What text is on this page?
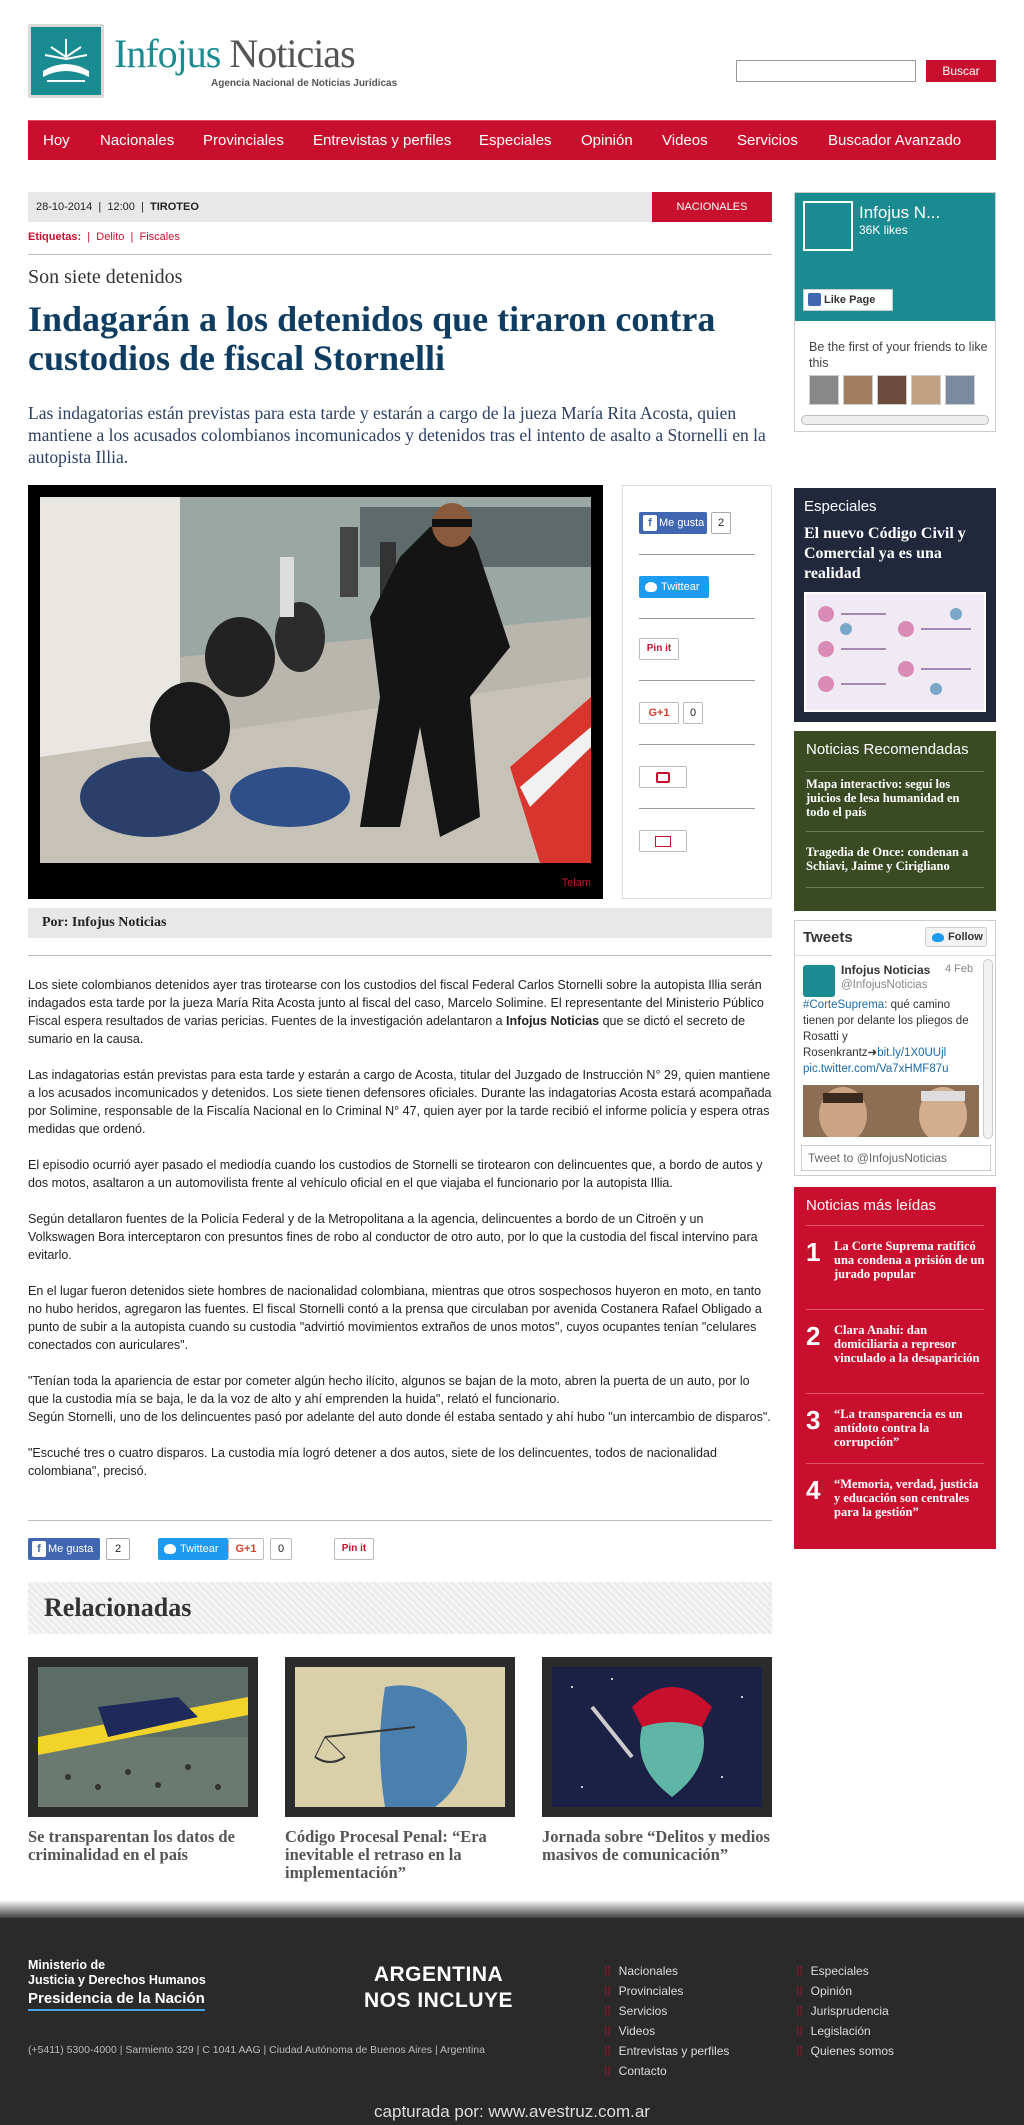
Infojus Noticias
Agencia Nacional de Noticias Jurídicas
Buscar
Hoy Nacionales Provinciales Entrevistas y perfiles Especiales Opinión Videos Servicios Buscador Avanzado
28-10-2014  |  12:00  |  TIROTEO	NACIONALES
Etiquetas:  |  Delito  |  Fiscales
Son siete detenidos
Indagarán a los detenidos que tiraron contra custodios de fiscal Stornelli
Las indagatorias están previstas para esta tarde y estarán a cargo de la jueza María Rita Acosta, quien mantiene a los acusados colombianos incomunicados y detenidos tras el intento de asalto a Stornelli en la autopista Illia.
Telam
f Me gusta	2
Twittear
Pin it
G+1	0
Por: Infojus Noticias

Los siete colombianos detenidos ayer tras tirotearse con los custodios del fiscal Federal Carlos Stornelli sobre la autopista Illia serán indagados esta tarde por la jueza María Rita Acosta junto al fiscal del caso, Marcelo Solimine. El representante del Ministerio Público Fiscal espera resultados de varias pericias. Fuentes de la investigación adelantaron a Infojus Noticias que se dictó el secreto de sumario en la causa.

Las indagatorias están previstas para esta tarde y estarán a cargo de Acosta, titular del Juzgado de Instrucción N° 29, quien mantiene a los acusados incomunicados y detenidos. Los siete tienen defensores oficiales. Durante las indagatorias Acosta estará acompañada por Solimine, responsable de la Fiscalía Nacional en lo Criminal N° 47, quien ayer por la tarde recibió el informe policía y espera otras medidas que ordenó.

El episodio ocurrió ayer pasado el mediodía cuando los custodios de Stornelli se tirotearon con delincuentes que, a bordo de autos y dos motos, asaltaron a un automovilista frente al vehículo oficial en el que viajaba el funcionario por la autopista Illia.

Según detallaron fuentes de la Policía Federal y de la Metropolitana a la agencia, delincuentes a bordo de un Citroën y un Volkswagen Bora interceptaron con presuntos fines de robo al conductor de otro auto, por lo que la custodia del fiscal intervino para evitarlo.

En el lugar fueron detenidos siete hombres de nacionalidad colombiana, mientras que otros sospechosos huyeron en moto, en tanto no hubo heridos, agregaron las fuentes. El fiscal Stornelli contó a la prensa que circulaban por avenida Costanera Rafael Obligado a punto de subir a la autopista cuando su custodia "advirtió movimientos extraños de unos motos", cuyos ocupantes tenían "celulares conectados con auriculares".

"Tenían toda la apariencia de estar por cometer algún hecho ilícito, algunos se bajan de la moto, abren la puerta de un auto, por lo que la custodia mía se baja, le da la voz de alto y ahí emprenden la huida", relató el funcionario.
Según Stornelli, uno de los delincuentes pasó por adelante del auto donde él estaba sentado y ahí hubo "un intercambio de disparos".

"Escuché tres o cuatro disparos. La custodia mía logró detener a dos autos, siete de los delincuentes, todos de nacionalidad colombiana", precisó.

f Me gusta	2	Twittear	G+1	0	Pin it
Relacionadas
Se transparentan los datos de criminalidad en el país
Código Procesal Penal: “Era inevitable el retraso en la implementación”
Jornada sobre “Delitos y medios masivos de comunicación”
Infojus N...
36K likes
Like Page
Be the first of your friends to like this
Especiales
El nuevo Código Civil y Comercial ya es una realidad
Noticias Recomendadas
Mapa interactivo: seguí los juicios de lesa humanidad en todo el país
Tragedia de Once: condenan a Schiavi, Jaime y Cirigliano
Tweets	Follow
Infojus Noticias
@InfojusNoticias
4 Feb
#CorteSuprema: qué camino tienen por delante los pliegos de Rosatti y Rosenkrantz➜bit.ly/1X0UUjl
pic.twitter.com/Va7xHMF87u
Tweet to @InfojusNoticias
Noticias más leídas
1 La Corte Suprema ratificó una condena a prisión de un jurado popular
2 Clara Anahí: dan domiciliaria a represor vinculado a la desaparición
3 “La transparencia es un antídoto contra la corrupción”
4 “Memoria, verdad, justicia y educación son centrales para la gestión”
Ministerio de
Justicia y Derechos Humanos
Presidencia de la Nación
ARGENTINA
NOS INCLUYE
(+5411) 5300-4000 | Sarmiento 329 | C 1041 AAG | Ciudad Autónoma de Buenos Aires | Argentina
⁞⁞ Nacionales
⁞⁞ Provinciales
⁞⁞ Servicios
⁞⁞ Videos
⁞⁞ Entrevistas y perfiles
⁞⁞ Contacto
⁞⁞ Especiales
⁞⁞ Opinión
⁞⁞ Jurisprudencia
⁞⁞ Legislación
⁞⁞ Quienes somos
capturada por: www.avestruz.com.ar
